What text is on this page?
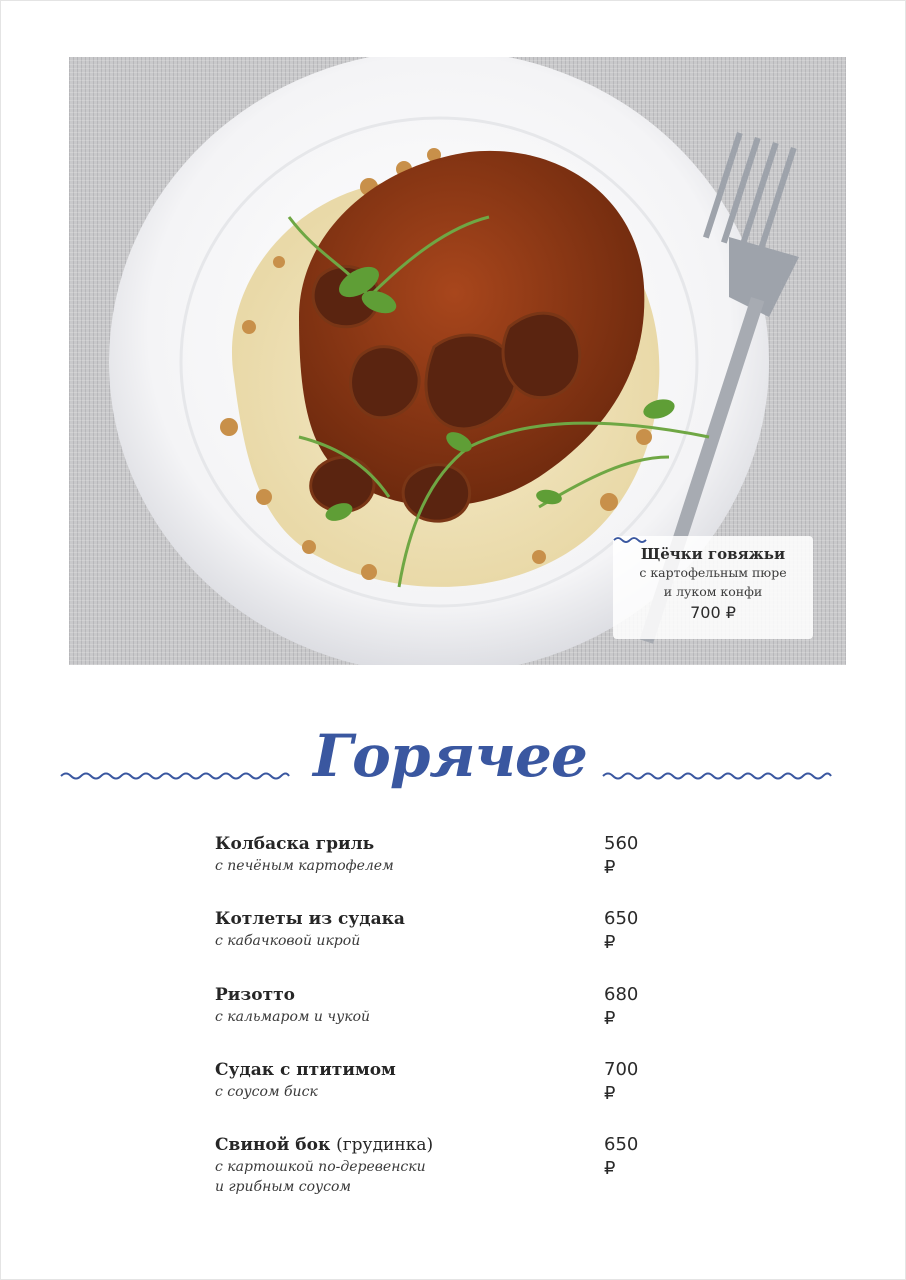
Щёчки говяжьи
с картофельным пюре
и луком конфи
700 ₽
Горячее
Колбаска гриль
с печёным картофелем
560 ₽
Котлеты из судака
с кабачковой икрой
650 ₽
Ризотто
с кальмаром и чукой
680 ₽
Судак с птитимом
с соусом биск
700 ₽
Свиной бок (грудинка)
с картошкой по-деревенски
и грибным соусом
650 ₽
